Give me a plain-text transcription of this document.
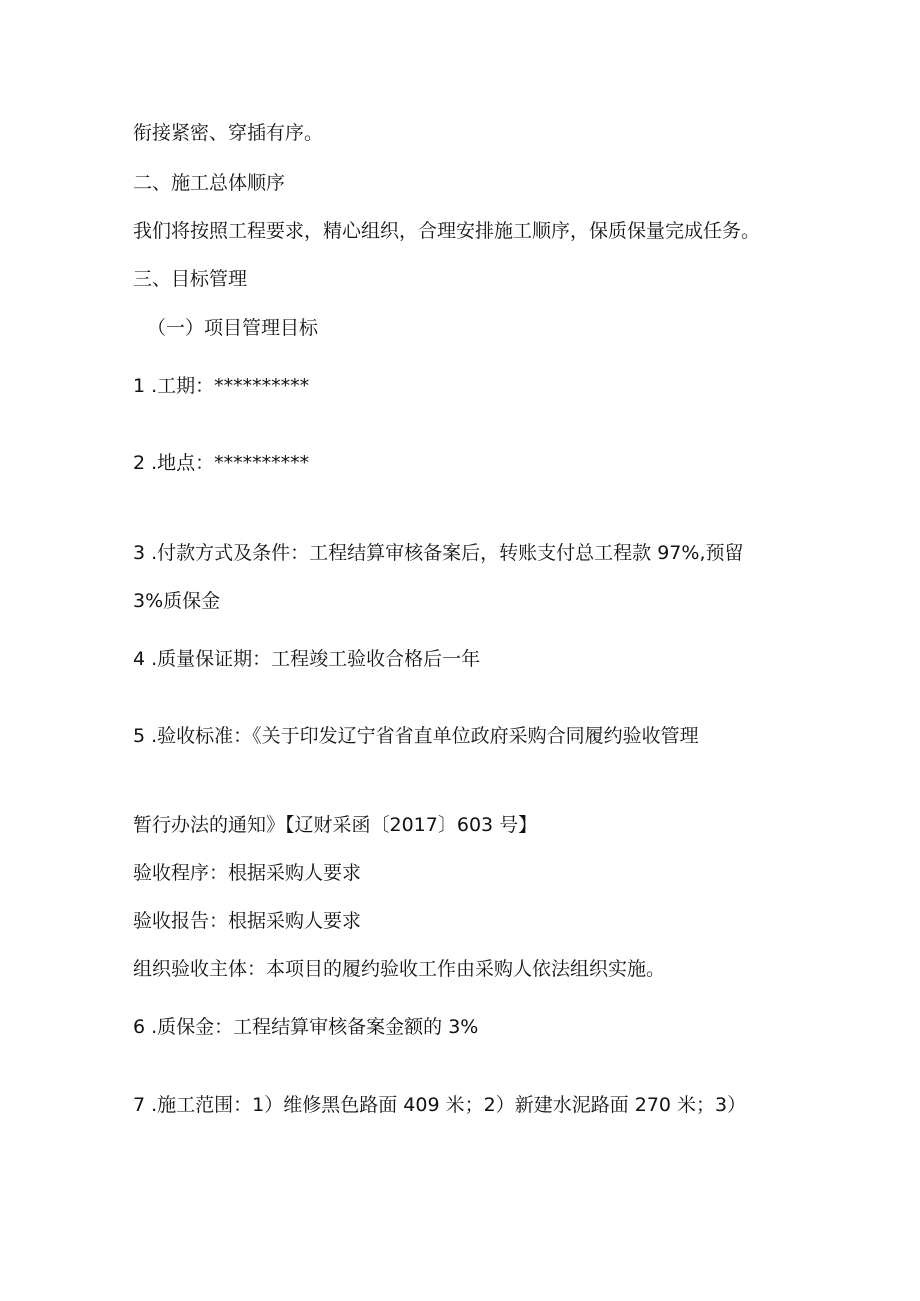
衔接紧密、穿插有序。
二、施工总体顺序
我们将按照工程要求，精心组织，合理安排施工顺序，保质保量完成任务。
三、目标管理
（一）项目管理目标
1 .工期：**********
2 .地点：**********
3 .付款方式及条件：工程结算审核备案后，转账支付总工程款 97%,预留
3%质保金
4 .质量保证期：工程竣工验收合格后一年
5 .验收标准：《关于印发辽宁省省直单位政府采购合同履约验收管理
暂行办法的通知》【辽财采函〔2017〕603 号】
验收程序：根据采购人要求
验收报告：根据采购人要求
组织验收主体：本项目的履约验收工作由采购人依法组织实施。
6 .质保金：工程结算审核备案金额的 3%
7 .施工范围：1）维修黑色路面 409 米；2）新建水泥路面 270 米；3）
